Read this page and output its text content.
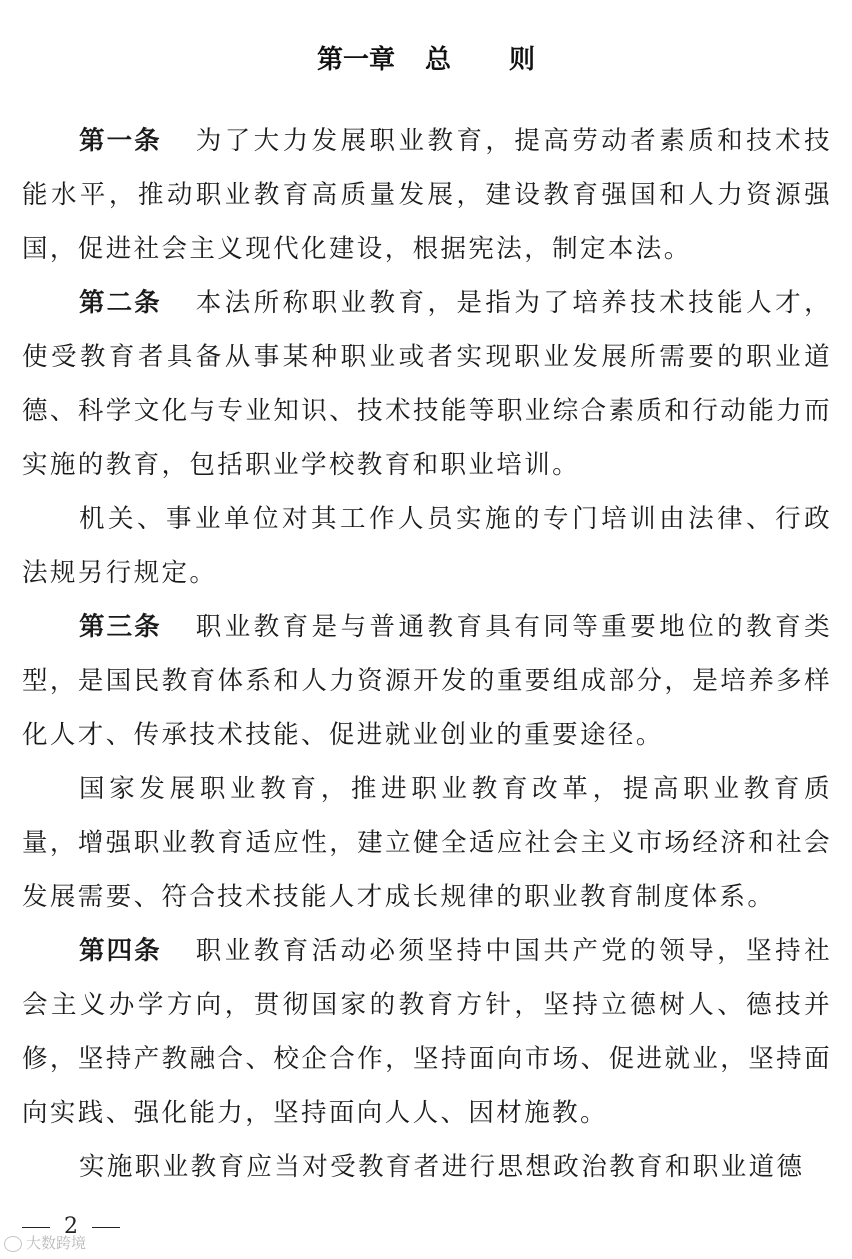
第一章 总 则

第一条 为了大力发展职业教育，提高劳动者素质和技术技能水平，推动职业教育高质量发展，建设教育强国和人力资源强国，促进社会主义现代化建设，根据宪法，制定本法。

第二条 本法所称职业教育，是指为了培养技术技能人才，使受教育者具备从事某种职业或者实现职业发展所需要的职业道德、科学文化与专业知识、技术技能等职业综合素质和行动能力而实施的教育，包括职业学校教育和职业培训。

机关、事业单位对其工作人员实施的专门培训由法律、行政法规另行规定。

第三条 职业教育是与普通教育具有同等重要地位的教育类型，是国民教育体系和人力资源开发的重要组成部分，是培养多样化人才、传承技术技能、促进就业创业的重要途径。

国家发展职业教育，推进职业教育改革，提高职业教育质量，增强职业教育适应性，建立健全适应社会主义市场经济和社会发展需要、符合技术技能人才成长规律的职业教育制度体系。

第四条 职业教育活动必须坚持中国共产党的领导，坚持社会主义办学方向，贯彻国家的教育方针，坚持立德树人、德技并修，坚持产教融合、校企合作，坚持面向市场、促进就业，坚持面向实践、强化能力，坚持面向人人、因材施教。

实施职业教育应当对受教育者进行思想政治教育和职业道德

2
大数跨境
